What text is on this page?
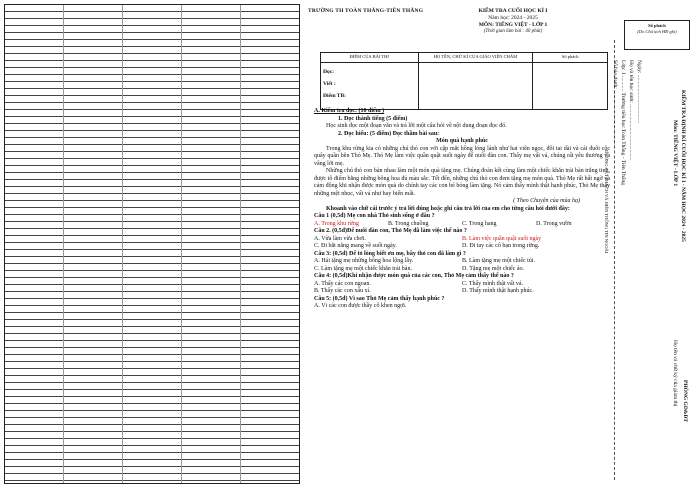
TRƯỜNG TH TOÀN THẮNG-TIÊN THẮNG	KIỂM TRA CUỐI HỌC KÌ I
Năm học: 2024 - 2025
MÔN: TIẾNG VIỆT - LỚP 1
(Thời gian làm bài : 40 phút)
ĐIỂM CỦA BÀI THI	HỌ TÊN, CHỮ KÍ CỦA GIÁO VIÊN CHẤM	Số phách

Đọc:
Viết :
Điểm TB:		

A. Kiểm tra đọc: (10 điểm )
1. Đọc thành tiếng (5 điểm)
Học sinh đọc một đoạn văn và trả lời một câu hỏi về nội dung đoạn đọc đó.
2. Đọc hiểu: (5 điểm) Đọc thầm bài sau:
Món quà hạnh phúc
Trong khu rừng kia có những chú thỏ con với cặp mắt hồng lóng lánh như hai viên ngọc, đôi tai dài và cái đuôi cộc quây quần bên Thỏ Mẹ. Thỏ Mẹ làm việc quần quật suốt ngày để nuôi đàn con. Thấy mẹ vất vả, chúng rất yêu thương và vâng lời mẹ.
Những chú thỏ con bàn nhau làm một món quà tặng mẹ. Chúng đoàn kết cùng làm một chiếc khăn trải bàn trắng tinh, được tô điểm bằng những bông hoa đủ màu sắc. Tết đến, những chú thỏ con đem tặng mẹ món quà. Thỏ Mẹ rất bất ngờ và cảm động khi nhận được món quà do chính tay các con bé bỏng làm tặng. Nó cảm thấy mình thật hạnh phúc, Thỏ Mẹ thấy những mệt nhọc, vất vả như bay biến mất.
( Theo Chuyện của mùa hạ)
Khoanh vào chữ cái trước ý trả lời đúng hoặc ghi câu trả lời của em cho từng câu hỏi dưới đây:
Câu 1 (0,5đ) Mẹ con nhà Thỏ sinh sống ở đâu ?
A. Trong khu rừng	B. Trong chuồng	C. Trong hang	D. Trong vườn
Câu 2. (0,5đ)Để nuôi đàn con, Thỏ Mẹ đã làm việc thế nào ?
A. Vừa làm vừa chơi.	B. Làm việc quần quật suốt ngày
C. Đi bắt nắng mang về suốt ngày.	D. Đi tay các cô bạn trong rừng.
Câu 3: (0,5đ) Để tỏ lòng biết ơn mẹ, bầy thỏ con đã làm gì ?
A. Hái tặng mẹ những bông hoa lộng lẫy.	B. Làm tặng mẹ một chiếc túi.
C. Làm tặng mẹ một chiếc khăn trải bàn.	D. Tặng mẹ một chiếc áo.
Câu 4: (0,5đ)Khi nhận được món quà của các con, Thỏ Mẹ cảm thấy thế nào ?
A. Thấy các con ngoan.	C. Thấy mình thật vất vả.
B. Thấy các con xấu xí.	D. Thấy mình thật hạnh phúc.
Câu 5: (0,5đ) Vì sao Thỏ Mẹ cảm thấy hạnh phúc ?
A. Vì các con được thầy cô khen ngợi.
Số phách
(Do Chủ tịch HĐ ghi)
Ngày: ...................................
Họ và tên học sinh: .........................................
Lớp: 1 ........... Trường tiểu học Toàn Thắng - Tiên Thắng
Số báo danh: ..........................................
ĐƯỜNG CẮT PHÁCH VÀ ĐIỀN THÔNG TIN NGOÀI	KIỂM TRA ĐỊNH KÌ CUỐI HỌC KÌ I - NĂM HỌC 2024 - 2025
Môn: TIẾNG VIỆT - LỚP 1
PHÒNG GD&ĐT
Họ tên và chữ ký của giám thị
